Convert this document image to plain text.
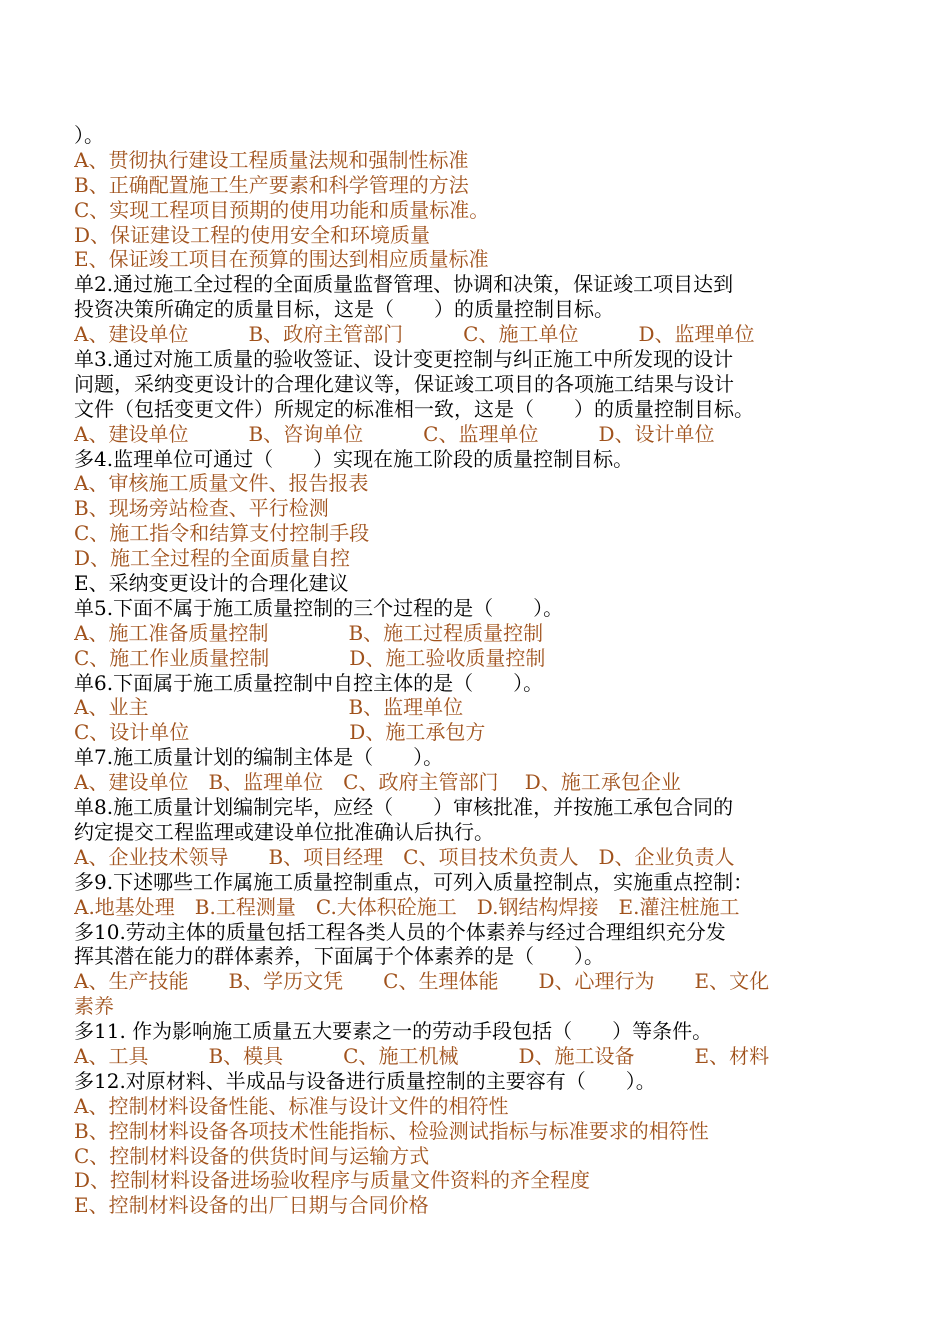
）。
A、贯彻执行建设工程质量法规和强制性标准
B、正确配置施工生产要素和科学管理的方法
C、实现工程项目预期的使用功能和质量标准。
D、保证建设工程的使用安全和环境质量
E、保证竣工项目在预算的围达到相应质量标准
单2.通过施工全过程的全面质量监督管理、协调和决策，保证竣工项目达到
投资决策所确定的质量目标，这是（　　）的质量控制目标。
A、建设单位　　　B、政府主管部门　　　C、施工单位　　　D、监理单位
单3.通过对施工质量的验收签证、设计变更控制与纠正施工中所发现的设计
问题，采纳变更设计的合理化建议等，保证竣工项目的各项施工结果与设计
文件（包括变更文件）所规定的标准相一致，这是（　　）的质量控制目标。
A、建设单位　　　B、咨询单位　　　C、监理单位　　　D、设计单位
多4.监理单位可通过（　　）实现在施工阶段的质量控制目标。
A、审核施工质量文件、报告报表
B、现场旁站检查、平行检测
C、施工指令和结算支付控制手段
D、施工全过程的全面质量自控
E、采纳变更设计的合理化建议
单5.下面不属于施工质量控制的三个过程的是（　　）。
A、施工准备质量控制　　　　B、施工过程质量控制
C、施工作业质量控制　　　　D、施工验收质量控制
单6.下面属于施工质量控制中自控主体的是（　　）。
A、业主　　　　　　　　　　B、监理单位
C、设计单位　　　　　　　　D、施工承包方
单7.施工质量计划的编制主体是（　　）。
A、建设单位　B、监理单位　C、政府主管部门　 D、施工承包企业
单8.施工质量计划编制完毕，应经（　　）审核批准，并按施工承包合同的
约定提交工程监理或建设单位批准确认后执行。
A、企业技术领导　　B、项目经理　C、项目技术负责人　D、企业负责人
多9.下述哪些工作属施工质量控制重点，可列入质量控制点，实施重点控制：
A.地基处理　B.工程测量　C.大体积砼施工　D.钢结构焊接　E.灌注桩施工
多10.劳动主体的质量包括工程各类人员的个体素养与经过合理组织充分发
挥其潜在能力的群体素养，下面属于个体素养的是（　　）。
A、生产技能　　B、学历文凭　　C、生理体能　　D、心理行为　　E、文化
素养
多11. 作为影响施工质量五大要素之一的劳动手段包括（　　）等条件。
A、工具　　　B、模具　　　C、施工机械　　　D、施工设备　　　E、材料
多12.对原材料、半成品与设备进行质量控制的主要容有（　　）。
A、控制材料设备性能、标准与设计文件的相符性
B、控制材料设备各项技术性能指标、检验测试指标与标准要求的相符性
C、控制材料设备的供货时间与运输方式
D、控制材料设备进场验收程序与质量文件资料的齐全程度
E、控制材料设备的出厂日期与合同价格
